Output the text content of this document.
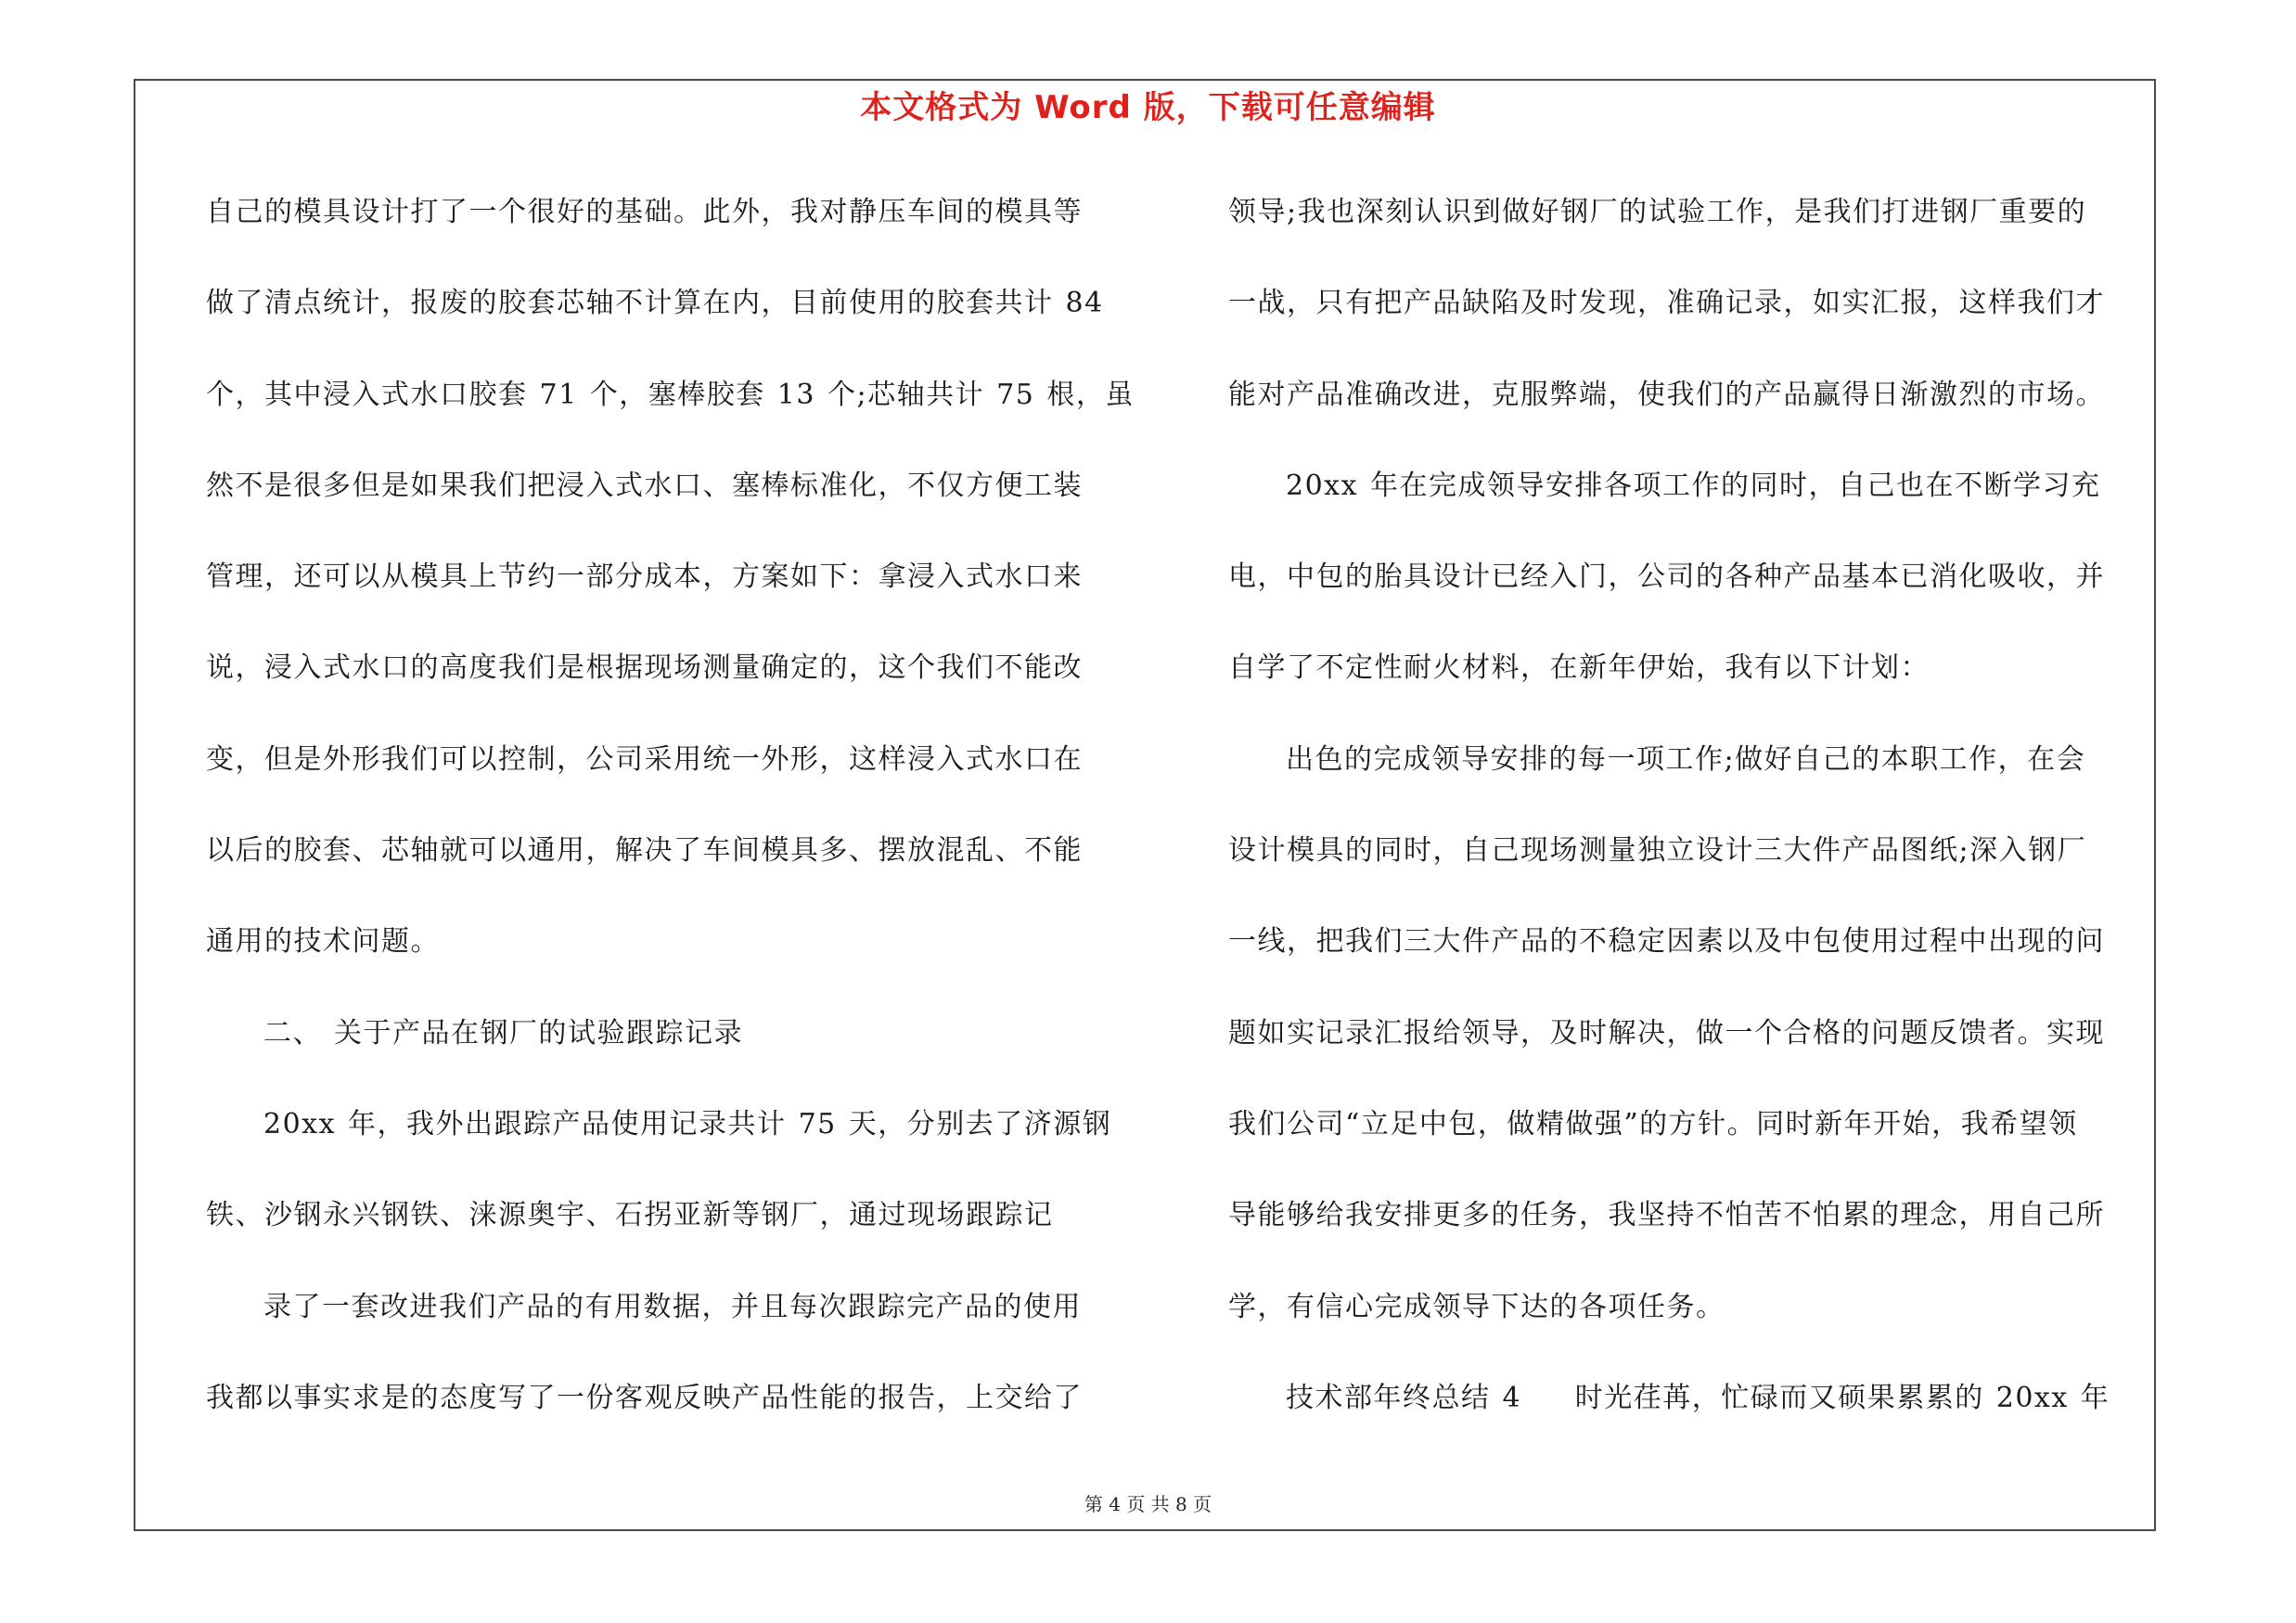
本文格式为 Word 版，下载可任意编辑
自己的模具设计打了一个很好的基础。此外，我对静压车间的模具等
做了清点统计，报废的胶套芯轴不计算在内，目前使用的胶套共计 84
个，其中浸入式水口胶套 71 个，塞棒胶套 13 个;芯轴共计 75 根，虽
然不是很多但是如果我们把浸入式水口、塞棒标准化，不仅方便工装
管理，还可以从模具上节约一部分成本，方案如下：拿浸入式水口来
说，浸入式水口的高度我们是根据现场测量确定的，这个我们不能改
变，但是外形我们可以控制，公司采用统一外形，这样浸入式水口在
以后的胶套、芯轴就可以通用，解决了车间模具多、摆放混乱、不能
通用的技术问题。
二、 关于产品在钢厂的试验跟踪记录
20xx 年，我外出跟踪产品使用记录共计 75 天，分别去了济源钢
铁、沙钢永兴钢铁、涞源奥宇、石拐亚新等钢厂，通过现场跟踪记
录了一套改进我们产品的有用数据，并且每次跟踪完产品的使用
我都以事实求是的态度写了一份客观反映产品性能的报告，上交给了
领导;我也深刻认识到做好钢厂的试验工作，是我们打进钢厂重要的
一战，只有把产品缺陷及时发现，准确记录，如实汇报，这样我们才
能对产品准确改进，克服弊端，使我们的产品赢得日渐激烈的市场。
20xx 年在完成领导安排各项工作的同时，自己也在不断学习充
电，中包的胎具设计已经入门，公司的各种产品基本已消化吸收，并
自学了不定性耐火材料，在新年伊始，我有以下计划：
出色的完成领导安排的每一项工作;做好自己的本职工作，在会
设计模具的同时，自己现场测量独立设计三大件产品图纸;深入钢厂
一线，把我们三大件产品的不稳定因素以及中包使用过程中出现的问
题如实记录汇报给领导，及时解决，做一个合格的问题反馈者。实现
我们公司“立足中包，做精做强”的方针。同时新年开始，我希望领
导能够给我安排更多的任务，我坚持不怕苦不怕累的理念，用自己所
学，有信心完成领导下达的各项任务。
技术部年终总结 4 　 时光荏苒，忙碌而又硕果累累的 20xx 年
第 4 页 共 8 页
